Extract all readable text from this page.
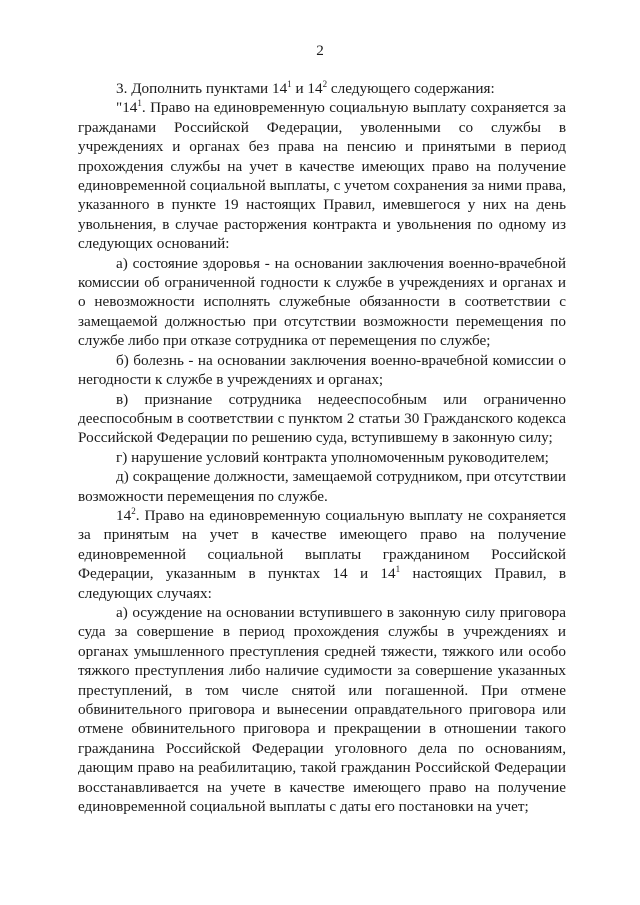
2

3. Дополнить пунктами $14^1$ и $14^2$ следующего содержания:

"$14^1$. Право на единовременную социальную выплату сохраняется за гражданами Российской Федерации, уволенными со службы в учреждениях и органах без права на пенсию и принятыми в период прохождения службы на учет в качестве имеющих право на получение единовременной социальной выплаты, с учетом сохранения за ними права, указанного в пункте 19 настоящих Правил, имевшегося у них на день увольнения, в случае расторжения контракта и увольнения по одному из следующих оснований:

а) состояние здоровья - на основании заключения военно-врачебной комиссии об ограниченной годности к службе в учреждениях и органах и о невозможности исполнять служебные обязанности в соответствии с замещаемой должностью при отсутствии возможности перемещения по службе либо при отказе сотрудника от перемещения по службе;

б) болезнь - на основании заключения военно-врачебной комиссии о негодности к службе в учреждениях и органах;

в) признание сотрудника недееспособным или ограниченно дееспособным в соответствии с пунктом 2 статьи 30 Гражданского кодекса Российской Федерации по решению суда, вступившему в законную силу;

г) нарушение условий контракта уполномоченным руководителем;

д) сокращение должности, замещаемой сотрудником, при отсутствии возможности перемещения по службе.

$14^2$. Право на единовременную социальную выплату не сохраняется за принятым на учет в качестве имеющего право на получение единовременной социальной выплаты гражданином Российской Федерации, указанным в пунктах 14 и $14^1$ настоящих Правил, в следующих случаях:

а) осуждение на основании вступившего в законную силу приговора суда за совершение в период прохождения службы в учреждениях и органах умышленного преступления средней тяжести, тяжкого или особо тяжкого преступления либо наличие судимости за совершение указанных преступлений, в том числе снятой или погашенной. При отмене обвинительного приговора и вынесении оправдательного приговора или отмене обвинительного приговора и прекращении в отношении такого гражданина Российской Федерации уголовного дела по основаниям, дающим право на реабилитацию, такой гражданин Российской Федерации восстанавливается на учете в качестве имеющего право на получение единовременной социальной выплаты с даты его постановки на учет;
